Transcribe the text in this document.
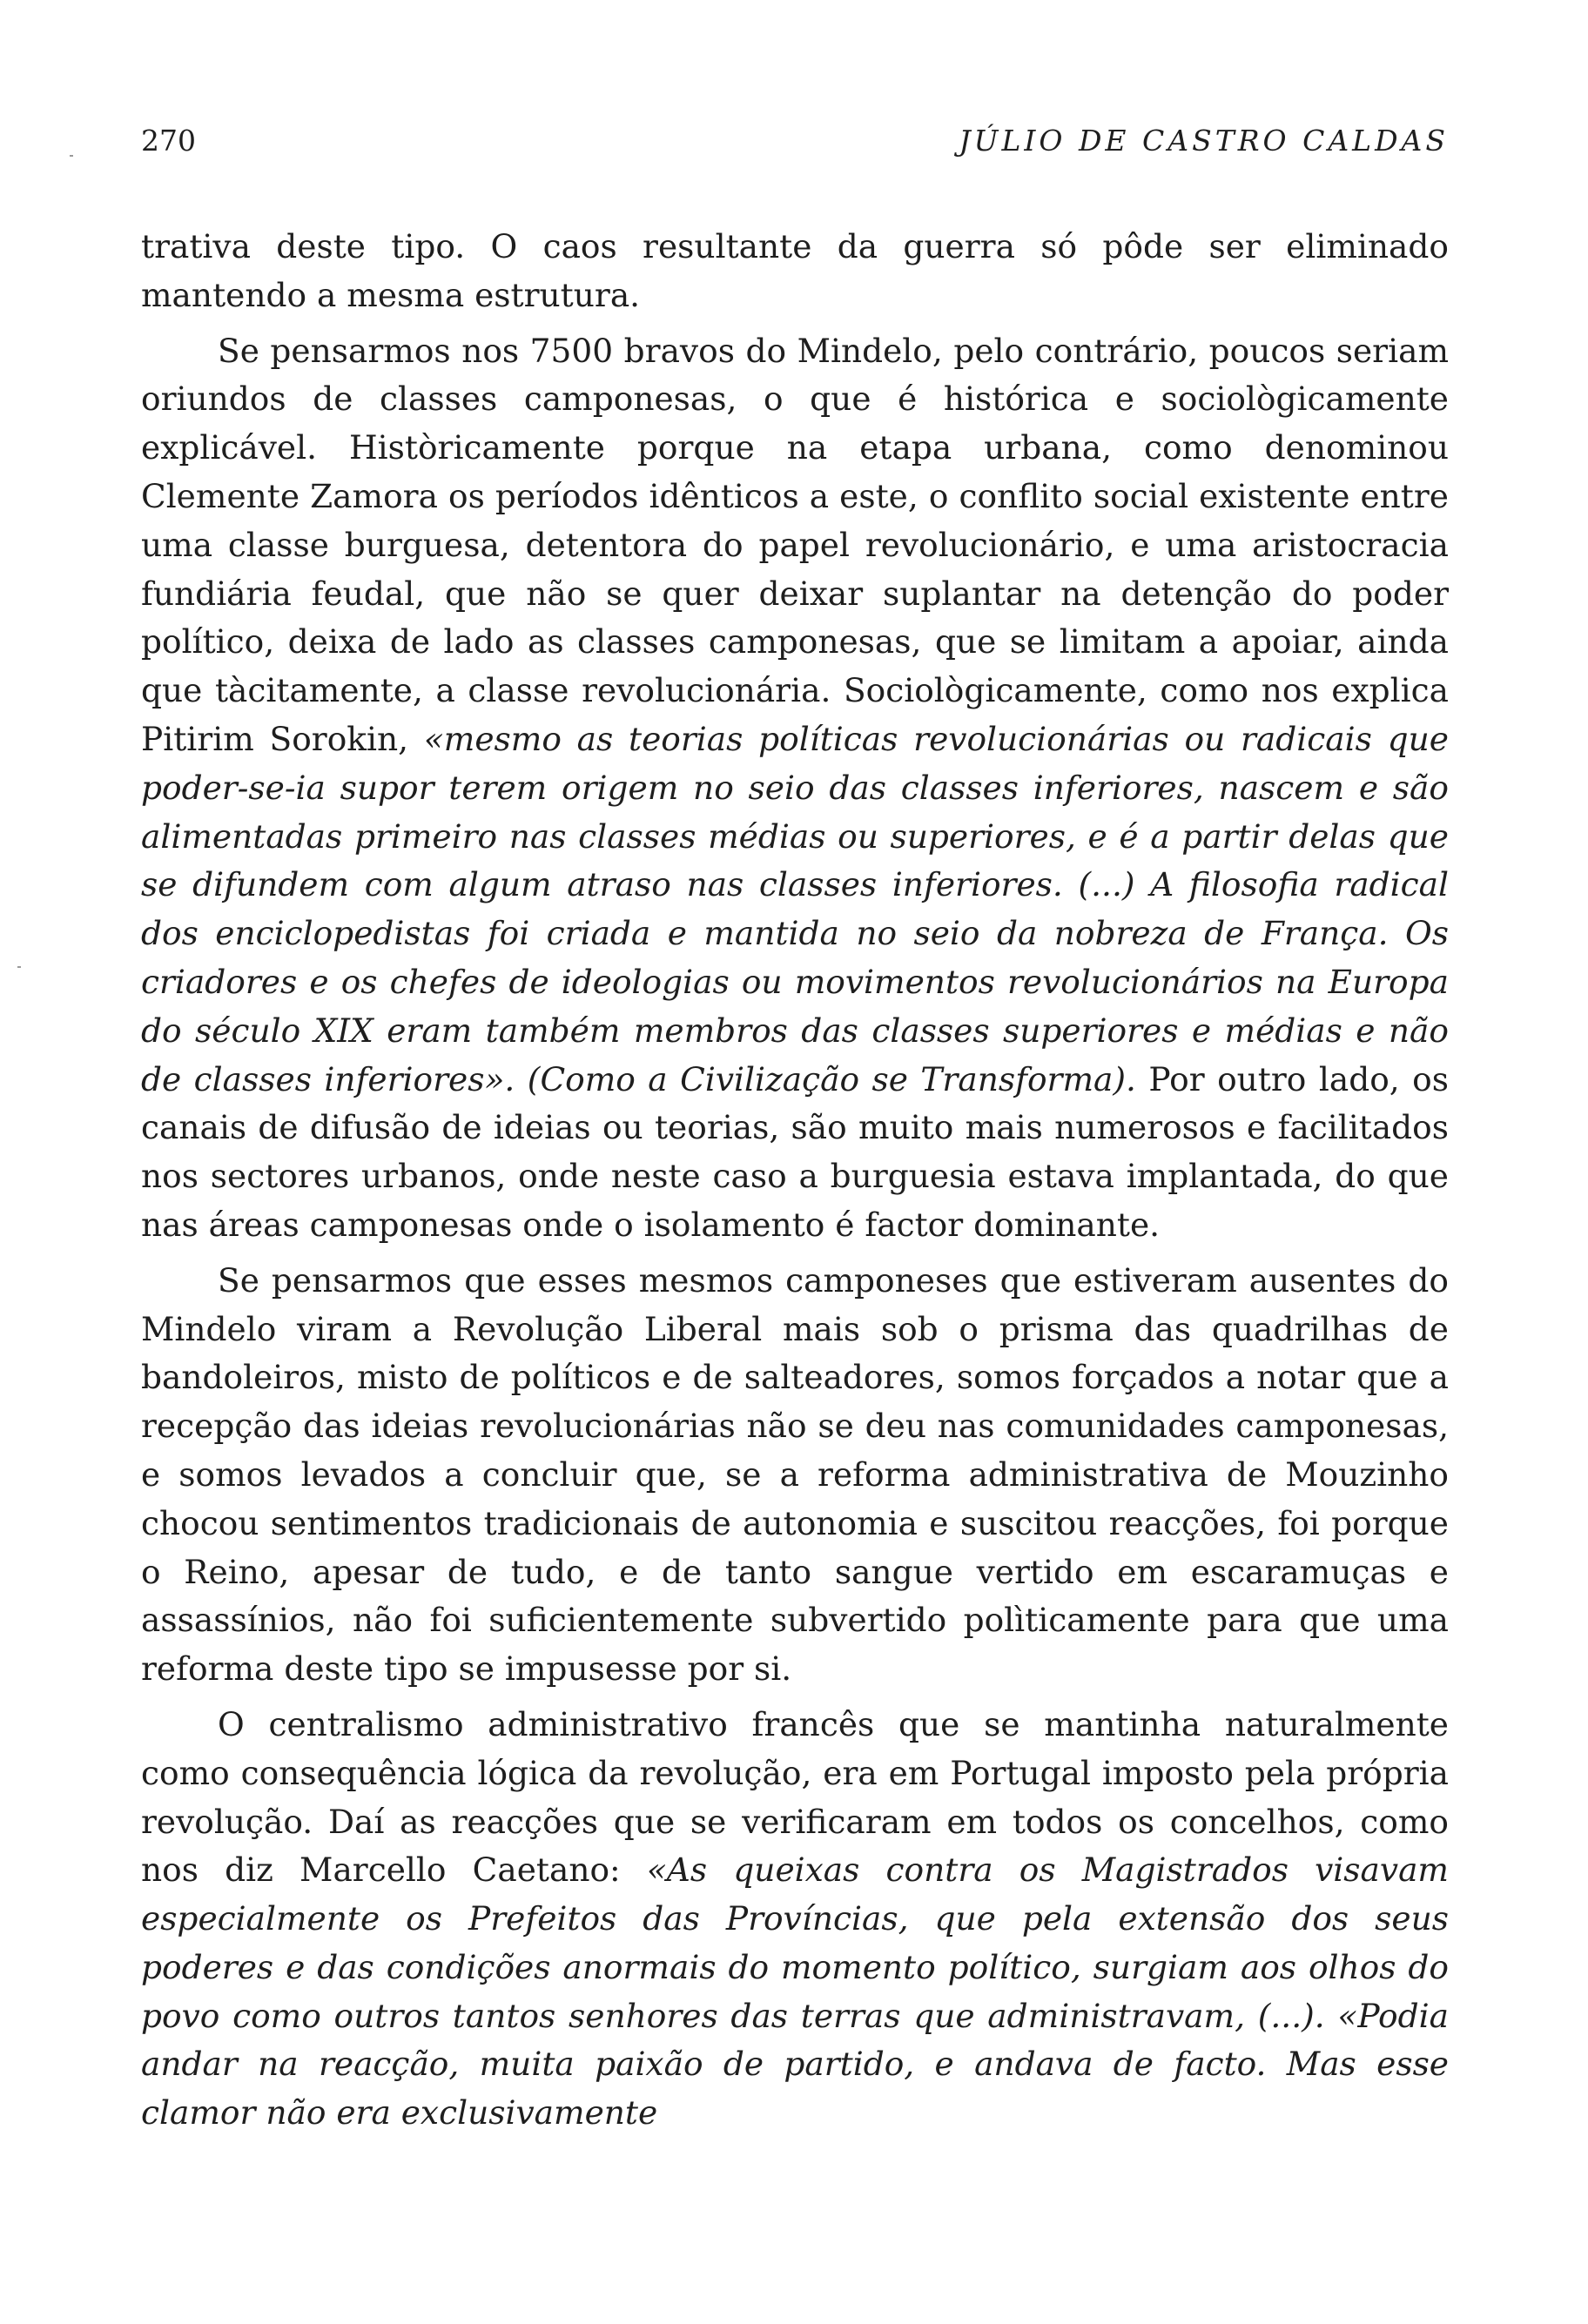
270	JÚLIO DE CASTRO CALDAS

trativa deste tipo. O caos resultante da guerra só pôde ser eliminado mantendo a mesma estrutura.

Se pensarmos nos 7500 bravos do Mindelo, pelo contrário, poucos seriam oriundos de classes camponesas, o que é histórica e sociològicamente explicável. Històricamente porque na etapa urbana, como denominou Clemente Zamora os períodos idênticos a este, o conflito social existente entre uma classe burguesa, detentora do papel revolucionário, e uma aristocracia fundiária feudal, que não se quer deixar suplantar na detenção do poder político, deixa de lado as classes camponesas, que se limitam a apoiar, ainda que tàcitamente, a classe revolucionária. Sociològicamente, como nos explica Pitirim Sorokin, «mesmo as teorias políticas revolucionárias ou radicais que poder-se-ia supor terem origem no seio das classes inferiores, nascem e são alimentadas primeiro nas classes médias ou superiores, e é a partir delas que se difundem com algum atraso nas classes inferiores. (...) A filosofia radical dos enciclopedistas foi criada e mantida no seio da nobreza de França. Os criadores e os chefes de ideologias ou movimentos revolucionários na Europa do século XIX eram também membros das classes superiores e médias e não de classes inferiores». (Como a Civilização se Transforma). Por outro lado, os canais de difusão de ideias ou teorias, são muito mais numerosos e facilitados nos sectores urbanos, onde neste caso a burguesia estava implantada, do que nas áreas camponesas onde o isolamento é factor dominante.

Se pensarmos que esses mesmos camponeses que estiveram ausentes do Mindelo viram a Revolução Liberal mais sob o prisma das quadrilhas de bandoleiros, misto de políticos e de salteadores, somos forçados a notar que a recepção das ideias revolucionárias não se deu nas comunidades camponesas, e somos levados a concluir que, se a reforma administrativa de Mouzinho chocou sentimentos tradicionais de autonomia e suscitou reacções, foi porque o Reino, apesar de tudo, e de tanto sangue vertido em escaramuças e assassínios, não foi suficientemente subvertido polìticamente para que uma reforma deste tipo se impusesse por si.

O centralismo administrativo francês que se mantinha naturalmente como consequência lógica da revolução, era em Portugal imposto pela própria revolução. Daí as reacções que se verificaram em todos os concelhos, como nos diz Marcello Caetano: «As queixas contra os Magistrados visavam especialmente os Prefeitos das Províncias, que pela extensão dos seus poderes e das condições anormais do momento político, surgiam aos olhos do povo como outros tantos senhores das terras que administravam, (...). «Podia andar na reacção, muita paixão de partido, e andava de facto. Mas esse clamor não era exclusivamente
